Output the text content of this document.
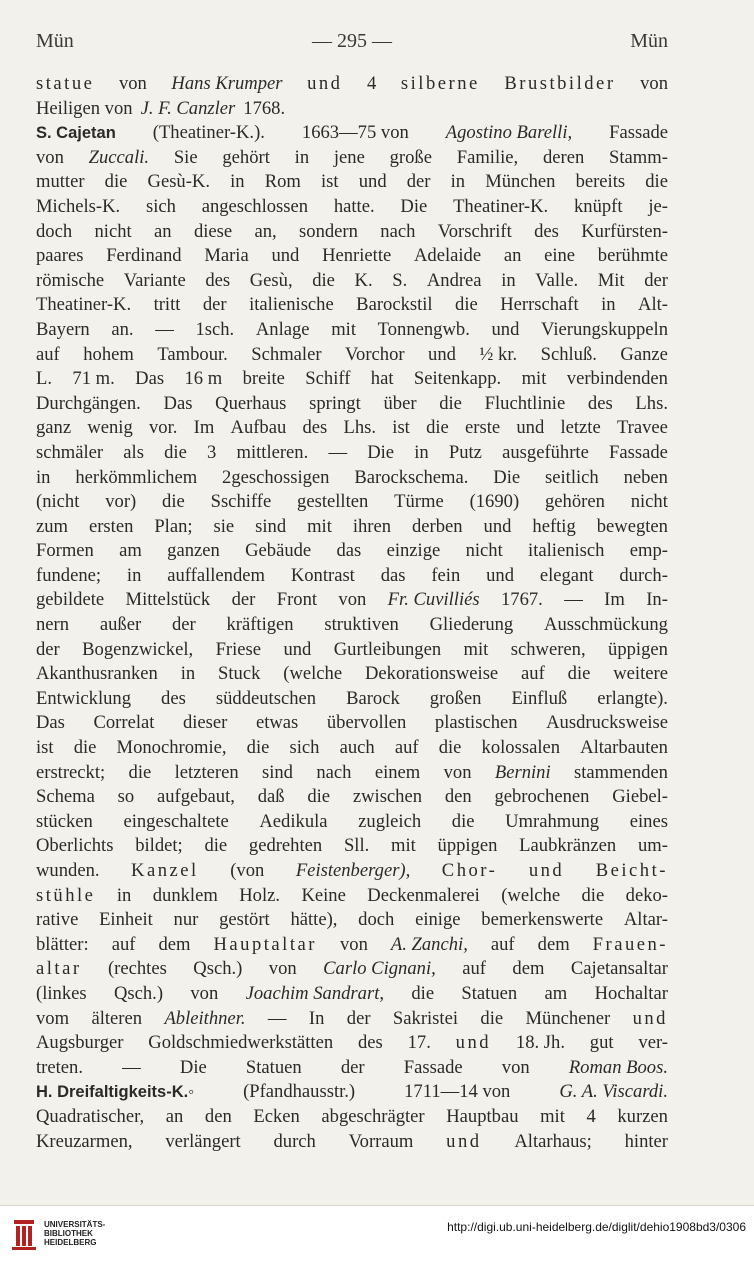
Mün	— 295 —	Mün
statue von Hans Krumper und 4 silberne Brustbilder von
Heiligen von J. F. Canzler 1768.
S. Cajetan (Theatiner-K.). 1663—75 von Agostino Barelli, Fassade
von Zuccali. Sie gehört in jene große Familie, deren Stamm-
mutter die Gesù-K. in Rom ist und der in München bereits die
Michels-K. sich angeschlossen hatte. Die Theatiner-K. knüpft je-
doch nicht an diese an, sondern nach Vorschrift des Kurfürsten-
paares Ferdinand Maria und Henriette Adelaide an eine berühmte
römische Variante des Gesù, die K. S. Andrea in Valle. Mit der
Theatiner-K. tritt der italienische Barockstil die Herrschaft in Alt-
Bayern an. — 1sch. Anlage mit Tonnengwb. und Vierungskuppeln
auf hohem Tambour. Schmaler Vorchor und ½ kr. Schluß. Ganze
L. 71 m. Das 16 m breite Schiff hat Seitenkapp. mit verbindenden
Durchgängen. Das Querhaus springt über die Fluchtlinie des Lhs.
ganz wenig vor. Im Aufbau des Lhs. ist die erste und letzte Travee
schmäler als die 3 mittleren. — Die in Putz ausgeführte Fassade
in herkömmlichem 2geschossigen Barockschema. Die seitlich neben
(nicht vor) die Sschiffe gestellten Türme (1690) gehören nicht
zum ersten Plan; sie sind mit ihren derben und heftig bewegten
Formen am ganzen Gebäude das einzige nicht italienisch emp-
fundene; in auffallendem Kontrast das fein und elegant durch-
gebildete Mittelstück der Front von Fr. Cuvilliés 1767. — Im In-
nern außer der kräftigen struktiven Gliederung Ausschmückung
der Bogenzwickel, Friese und Gurtleibungen mit schweren, üppigen
Akanthusranken in Stuck (welche Dekorationsweise auf die weitere
Entwicklung des süddeutschen Barock großen Einfluß erlangte).
Das Correlat dieser etwas übervollen plastischen Ausdrucksweise
ist die Monochromie, die sich auch auf die kolossalen Altarbauten
erstreckt; die letzteren sind nach einem von Bernini stammenden
Schema so aufgebaut, daß die zwischen den gebrochenen Giebel-
stücken eingeschaltete Aedikula zugleich die Umrahmung eines
Oberlichts bildet; die gedrehten Sll. mit üppigen Laubkränzen um-
wunden. Kanzel (von Feistenberger), Chor- und Beicht-
stühle in dunklem Holz. Keine Deckenmalerei (welche die deko-
rative Einheit nur gestört hätte), doch einige bemerkenswerte Altar-
blätter: auf dem Hauptaltar von A. Zanchi, auf dem Frauen-
altar (rechtes Qsch.) von Carlo Cignani, auf dem Cajetansaltar
(linkes Qsch.) von Joachim Sandrart, die Statuen am Hochaltar
vom älteren Ableithner. — In der Sakristei die Münchener und
Augsburger Goldschmiedwerkstätten des 17. und 18. Jh. gut ver-
treten. — Die Statuen der Fassade von Roman Boos.
H. Dreifaltigkeits-K.◦	(Pfandhausstr.)	1711—14 von	G. A. Viscardi.
Quadratischer, an den Ecken abgeschrägter Hauptbau mit 4 kurzen
Kreuzarmen, verlängert durch Vorraum und Altarhaus; hinter
UNIVERSITÄTS-
BIBLIOTHEK
HEIDELBERG
http://digi.ub.uni-heidelberg.de/diglit/dehio1908bd3/0306
